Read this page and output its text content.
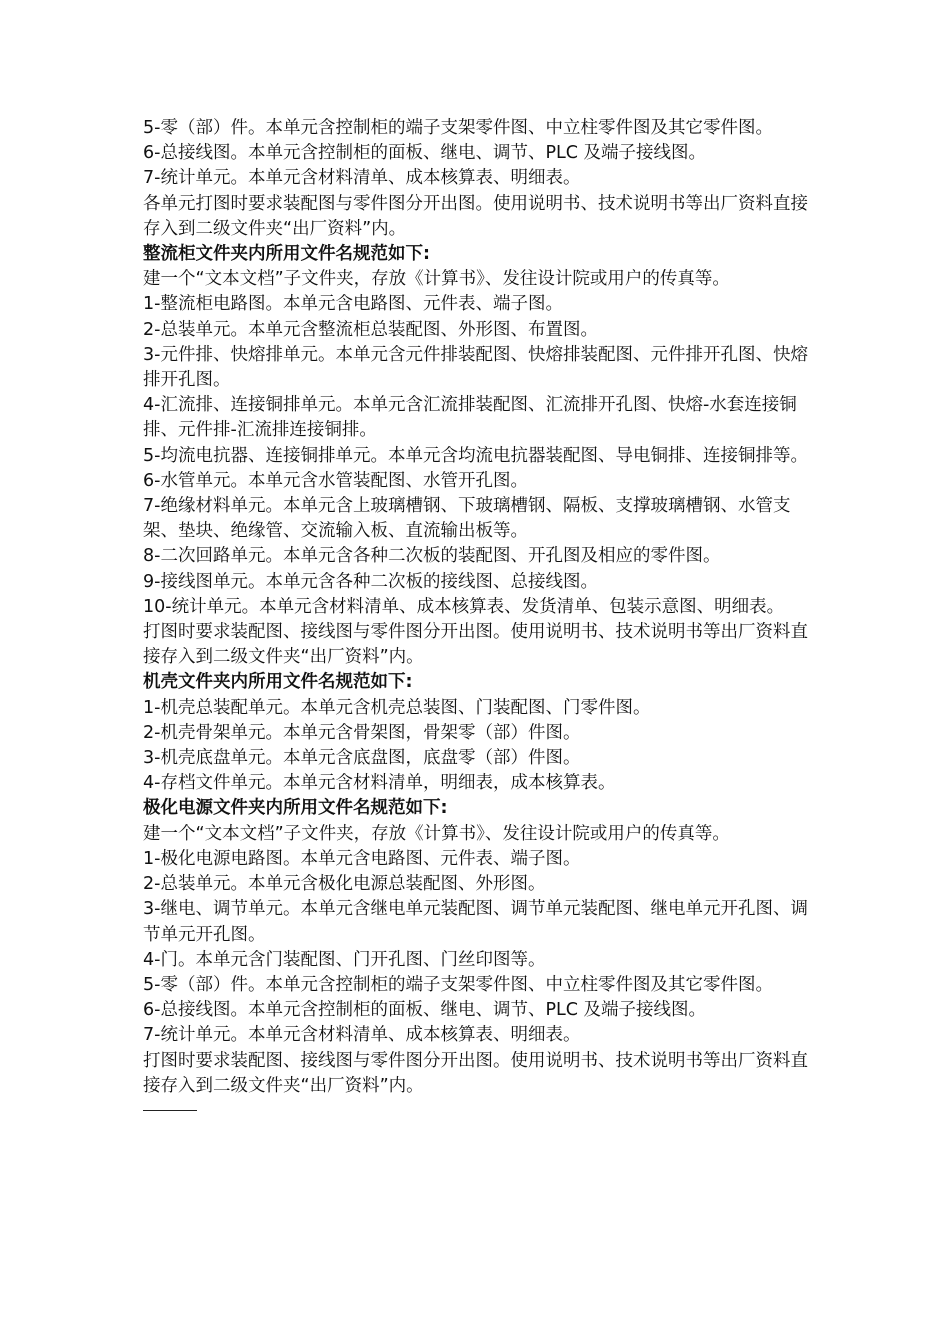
5-零（部）件。本单元含控制柜的端子支架零件图、中立柱零件图及其它零件图。

6-总接线图。本单元含控制柜的面板、继电、调节、PLC 及端子接线图。

7-统计单元。本单元含材料清单、成本核算表、明细表。

各单元打图时要求装配图与零件图分开出图。使用说明书、技术说明书等出厂资料直接存入到二级文件夹“出厂资料”内。

整流柜文件夹内所用文件名规范如下:

建一个“文本文档”子文件夹，存放《计算书》、发往设计院或用户的传真等。

1-整流柜电路图。本单元含电路图、元件表、端子图。

2-总装单元。本单元含整流柜总装配图、外形图、布置图。

3-元件排、快熔排单元。本单元含元件排装配图、快熔排装配图、元件排开孔图、快熔排开孔图。

4-汇流排、连接铜排单元。本单元含汇流排装配图、汇流排开孔图、快熔-水套连接铜排、元件排-汇流排连接铜排。

5-均流电抗器、连接铜排单元。本单元含均流电抗器装配图、导电铜排、连接铜排等。

6-水管单元。本单元含水管装配图、水管开孔图。

7-绝缘材料单元。本单元含上玻璃槽钢、下玻璃槽钢、隔板、支撑玻璃槽钢、水管支架、垫块、绝缘管、交流输入板、直流输出板等。

8-二次回路单元。本单元含各种二次板的装配图、开孔图及相应的零件图。

9-接线图单元。本单元含各种二次板的接线图、总接线图。

10-统计单元。本单元含材料清单、成本核算表、发货清单、包装示意图、明细表。

打图时要求装配图、接线图与零件图分开出图。使用说明书、技术说明书等出厂资料直接存入到二级文件夹“出厂资料”内。

机壳文件夹内所用文件名规范如下:

1-机壳总装配单元。本单元含机壳总装图、门装配图、门零件图。

2-机壳骨架单元。本单元含骨架图，骨架零（部）件图。

3-机壳底盘单元。本单元含底盘图，底盘零（部）件图。

4-存档文件单元。本单元含材料清单，明细表，成本核算表。

极化电源文件夹内所用文件名规范如下:

建一个“文本文档”子文件夹，存放《计算书》、发往设计院或用户的传真等。

1-极化电源电路图。本单元含电路图、元件表、端子图。

2-总装单元。本单元含极化电源总装配图、外形图。

3-继电、调节单元。本单元含继电单元装配图、调节单元装配图、继电单元开孔图、调节单元开孔图。

4-门。本单元含门装配图、门开孔图、门丝印图等。

5-零（部）件。本单元含控制柜的端子支架零件图、中立柱零件图及其它零件图。

6-总接线图。本单元含控制柜的面板、继电、调节、PLC 及端子接线图。

7-统计单元。本单元含材料清单、成本核算表、明细表。

打图时要求装配图、接线图与零件图分开出图。使用说明书、技术说明书等出厂资料直接存入到二级文件夹“出厂资料”内。
